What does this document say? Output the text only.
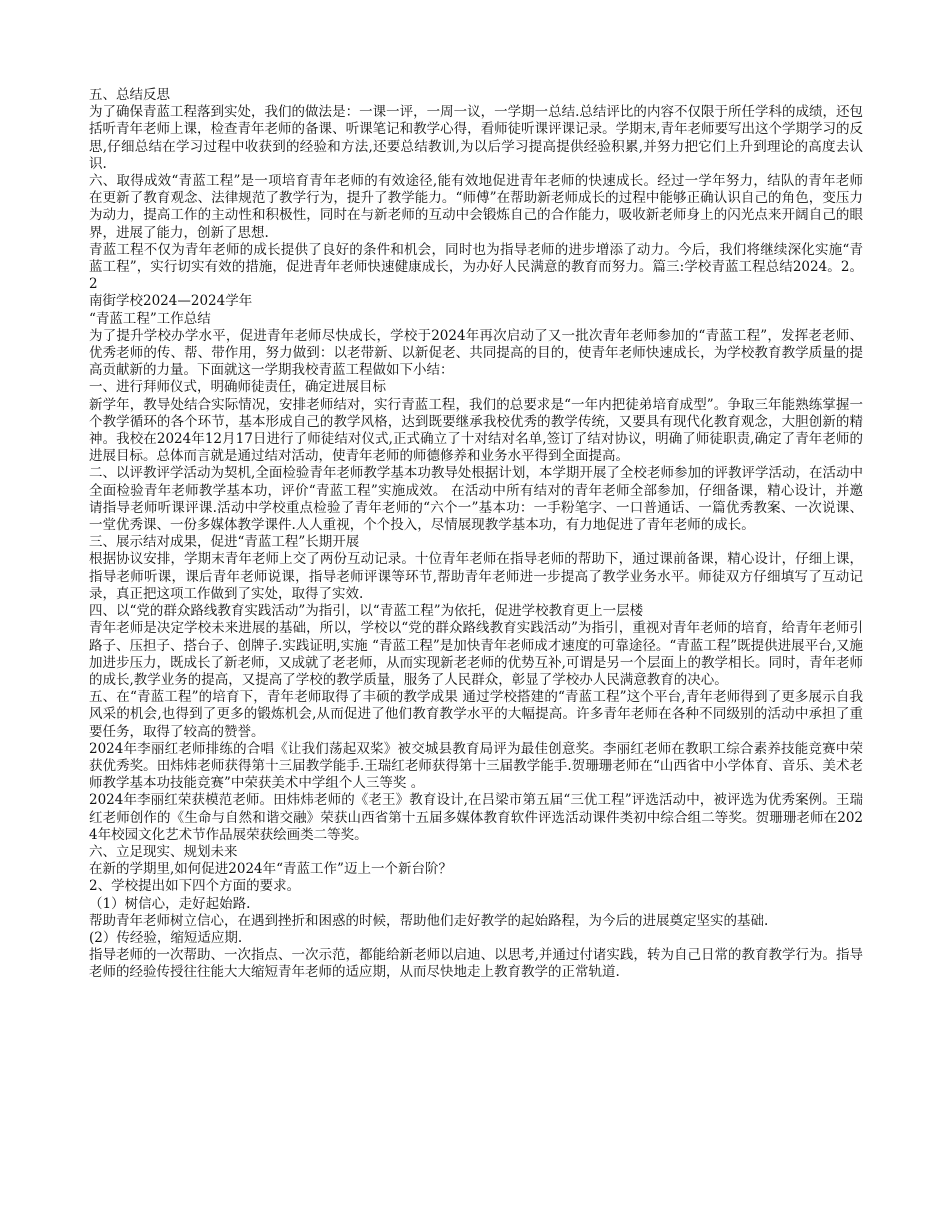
五、总结反思

为了确保青蓝工程落到实处，我们的做法是：一课一评，一周一议，一学期一总结.总结评比的内容不仅限于所任学科的成绩，还包括听青年老师上课，检查青年老师的备课、听课笔记和教学心得，看师徒听课评课记录。学期末,青年老师要写出这个学期学习的反思,仔细总结在学习过程中收获到的经验和方法,还要总结教训,为以后学习提高提供经验积累,并努力把它们上升到理论的高度去认识.

六、取得成效“青蓝工程”是一项培育青年老师的有效途径,能有效地促进青年老师的快速成长。经过一学年努力，结队的青年老师在更新了教育观念、法律规范了教学行为，提升了教学能力。“师傅”在帮助新老师成长的过程中能够正确认识自己的角色，变压力为动力，提高工作的主动性和积极性，同时在与新老师的互动中会锻炼自己的合作能力，吸收新老师身上的闪光点来开阔自己的眼界，进展了能力，创新了思想.

青蓝工程不仅为青年老师的成长提供了良好的条件和机会，同时也为指导老师的进步增添了动力。今后，我们将继续深化实施“青蓝工程”，实行切实有效的措施，促进青年老师快速健康成长，为办好人民满意的教育而努力。篇三:学校青蓝工程总结2024。2。2

南街学校2024—2024学年

“青蓝工程”工作总结

为了提升学校办学水平，促进青年老师尽快成长，学校于2024年再次启动了又一批次青年老师参加的“青蓝工程”，发挥老老师、优秀老师的传、帮、带作用，努力做到：以老带新、以新促老、共同提高的目的，使青年老师快速成长，为学校教育教学质量的提高贡献新的力量。下面就这一学期我校青蓝工程做如下小结：

一、进行拜师仪式，明确师徒责任，确定进展目标

新学年，教导处结合实际情况，安排老师结对，实行青蓝工程，我们的总要求是“一年内把徒弟培育成型”。争取三年能熟练掌握一个教学循环的各个环节，基本形成自己的教学风格，达到既要继承我校优秀的教学传统，又要具有现代化教育观念，大胆创新的精神。我校在2024年12月17日进行了师徒结对仪式,正式确立了十对结对名单,签订了结对协议，明确了师徒职责,确定了青年老师的进展目标。总体而言就是通过结对活动，使青年老师的师德修养和业务水平得到全面提高。

二、以评教评学活动为契机,全面检验青年老师教学基本功教导处根据计划，本学期开展了全校老师参加的评教评学活动，在活动中全面检验青年老师教学基本功，评价“青蓝工程”实施成效。 在活动中所有结对的青年老师全部参加，仔细备课，精心设计，并邀请指导老师听课评课.活动中学校重点检验了青年老师的“六个一”基本功：一手粉笔字、一口普通话、一篇优秀教案、一次说课、一堂优秀课、一份多媒体教学课件.人人重视，个个投入，尽情展现教学基本功，有力地促进了青年老师的成长。

三、展示结对成果，促进“青蓝工程”长期开展

根据协议安排，学期末青年老师上交了两份互动记录。十位青年老师在指导老师的帮助下，通过课前备课，精心设计，仔细上课，指导老师听课，课后青年老师说课，指导老师评课等环节,帮助青年老师进一步提高了教学业务水平。师徒双方仔细填写了互动记录，真正把这项工作做到了实处，取得了实效.

四、以“党的群众路线教育实践活动”为指引，以“青蓝工程”为依托，促进学校教育更上一层楼

青年老师是决定学校未来进展的基础，所以，学校以“党的群众路线教育实践活动”为指引，重视对青年老师的培育，给青年老师引路子、压担子、搭台子、创牌子.实践证明,实施 “青蓝工程”是加快青年老师成才速度的可靠途径。“青蓝工程”既提供进展平台,又施加进步压力，既成长了新老师，又成就了老老师，从而实现新老老师的优势互补,可谓是另一个层面上的教学相长。同时，青年老师的成长,教学业务的提高，又提高了学校的教学质量，服务了人民群众，彰显了学校办人民满意教育的决心。

五、在“青蓝工程”的培育下，青年老师取得了丰硕的教学成果 通过学校搭建的“青蓝工程”这个平台,青年老师得到了更多展示自我风采的机会,也得到了更多的锻炼机会,从而促进了他们教育教学水平的大幅提高。许多青年老师在各种不同级别的活动中承担了重要任务，取得了较高的赞誉。

2024年李丽红老师排练的合唱《让我们荡起双桨》被交城县教育局评为最佳创意奖。李丽红老师在教职工综合素养技能竞赛中荣获优秀奖。田炜炜老师获得第十三届教学能手.王瑞红老师获得第十三届教学能手.贺珊珊老师在“山西省中小学体育、音乐、美术老师教学基本功技能竞赛”中荣获美术中学组个人三等奖 。

2024年李丽红荣获模范老师。田炜炜老师的《老王》教育设计,在吕梁市第五届“三优工程”评选活动中，被评选为优秀案例。王瑞红老师创作的《生命与自然和谐交融》荣获山西省第十五届多媒体教育软件评选活动课件类初中综合组二等奖。贺珊珊老师在2024年校园文化艺术节作品展荣获绘画类二等奖。

六、立足现实、规划未来

在新的学期里,如何促进2024年“青蓝工作”迈上一个新台阶？

2、学校提出如下四个方面的要求。

（1）树信心，走好起始路.

帮助青年老师树立信心，在遇到挫折和困惑的时候，帮助他们走好教学的起始路程，为今后的进展奠定坚实的基础.

(2）传经验，缩短适应期.

指导老师的一次帮助、一次指点、一次示范，都能给新老师以启迪、以思考,并通过付诸实践，转为自己日常的教育教学行为。指导老师的经验传授往往能大大缩短青年老师的适应期，从而尽快地走上教育教学的正常轨道.
